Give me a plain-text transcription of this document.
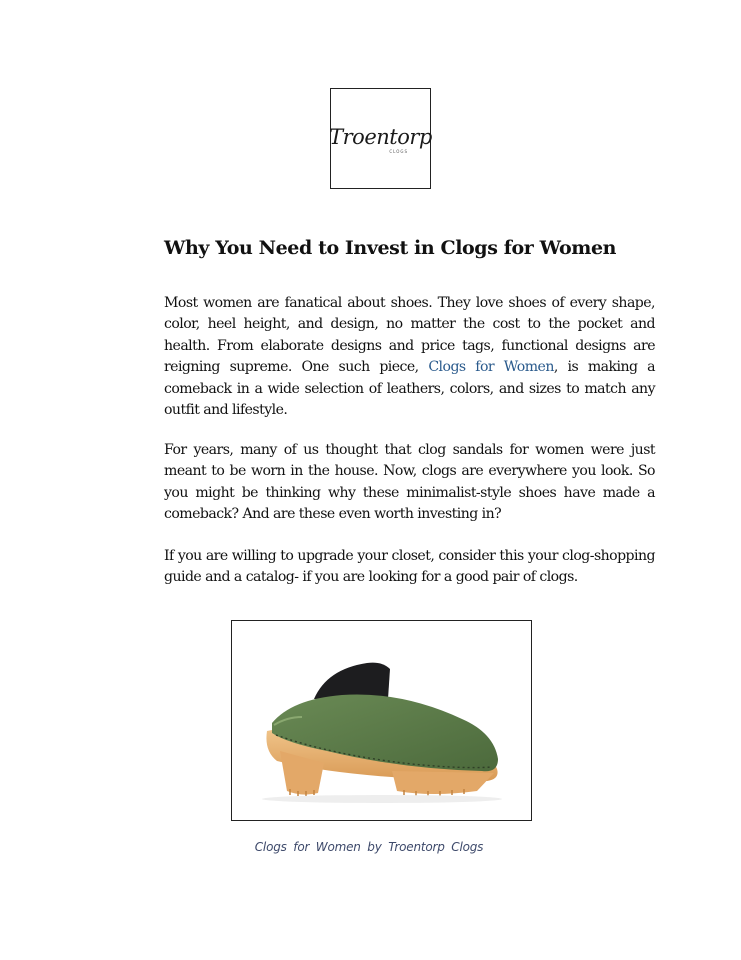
Troentorp
CLOGS
Why You Need to Invest in Clogs for Women

Most women are fanatical about shoes. They love shoes of every shape, color, heel height, and design, no matter the cost to the pocket and health. From elaborate designs and price tags, functional designs are reigning supreme. One such piece, Clogs for Women, is making a comeback in a wide selection of leathers, colors, and sizes to match any outfit and lifestyle.

For years, many of us thought that clog sandals for women were just meant to be worn in the house. Now, clogs are everywhere you look. So you might be thinking why these minimalist-style shoes have made a comeback? And are these even worth investing in?

If you are willing to upgrade your closet, consider this your clog-shopping guide and a catalog- if you are looking for a good pair of clogs.

Clogs for Women by Troentorp Clogs
